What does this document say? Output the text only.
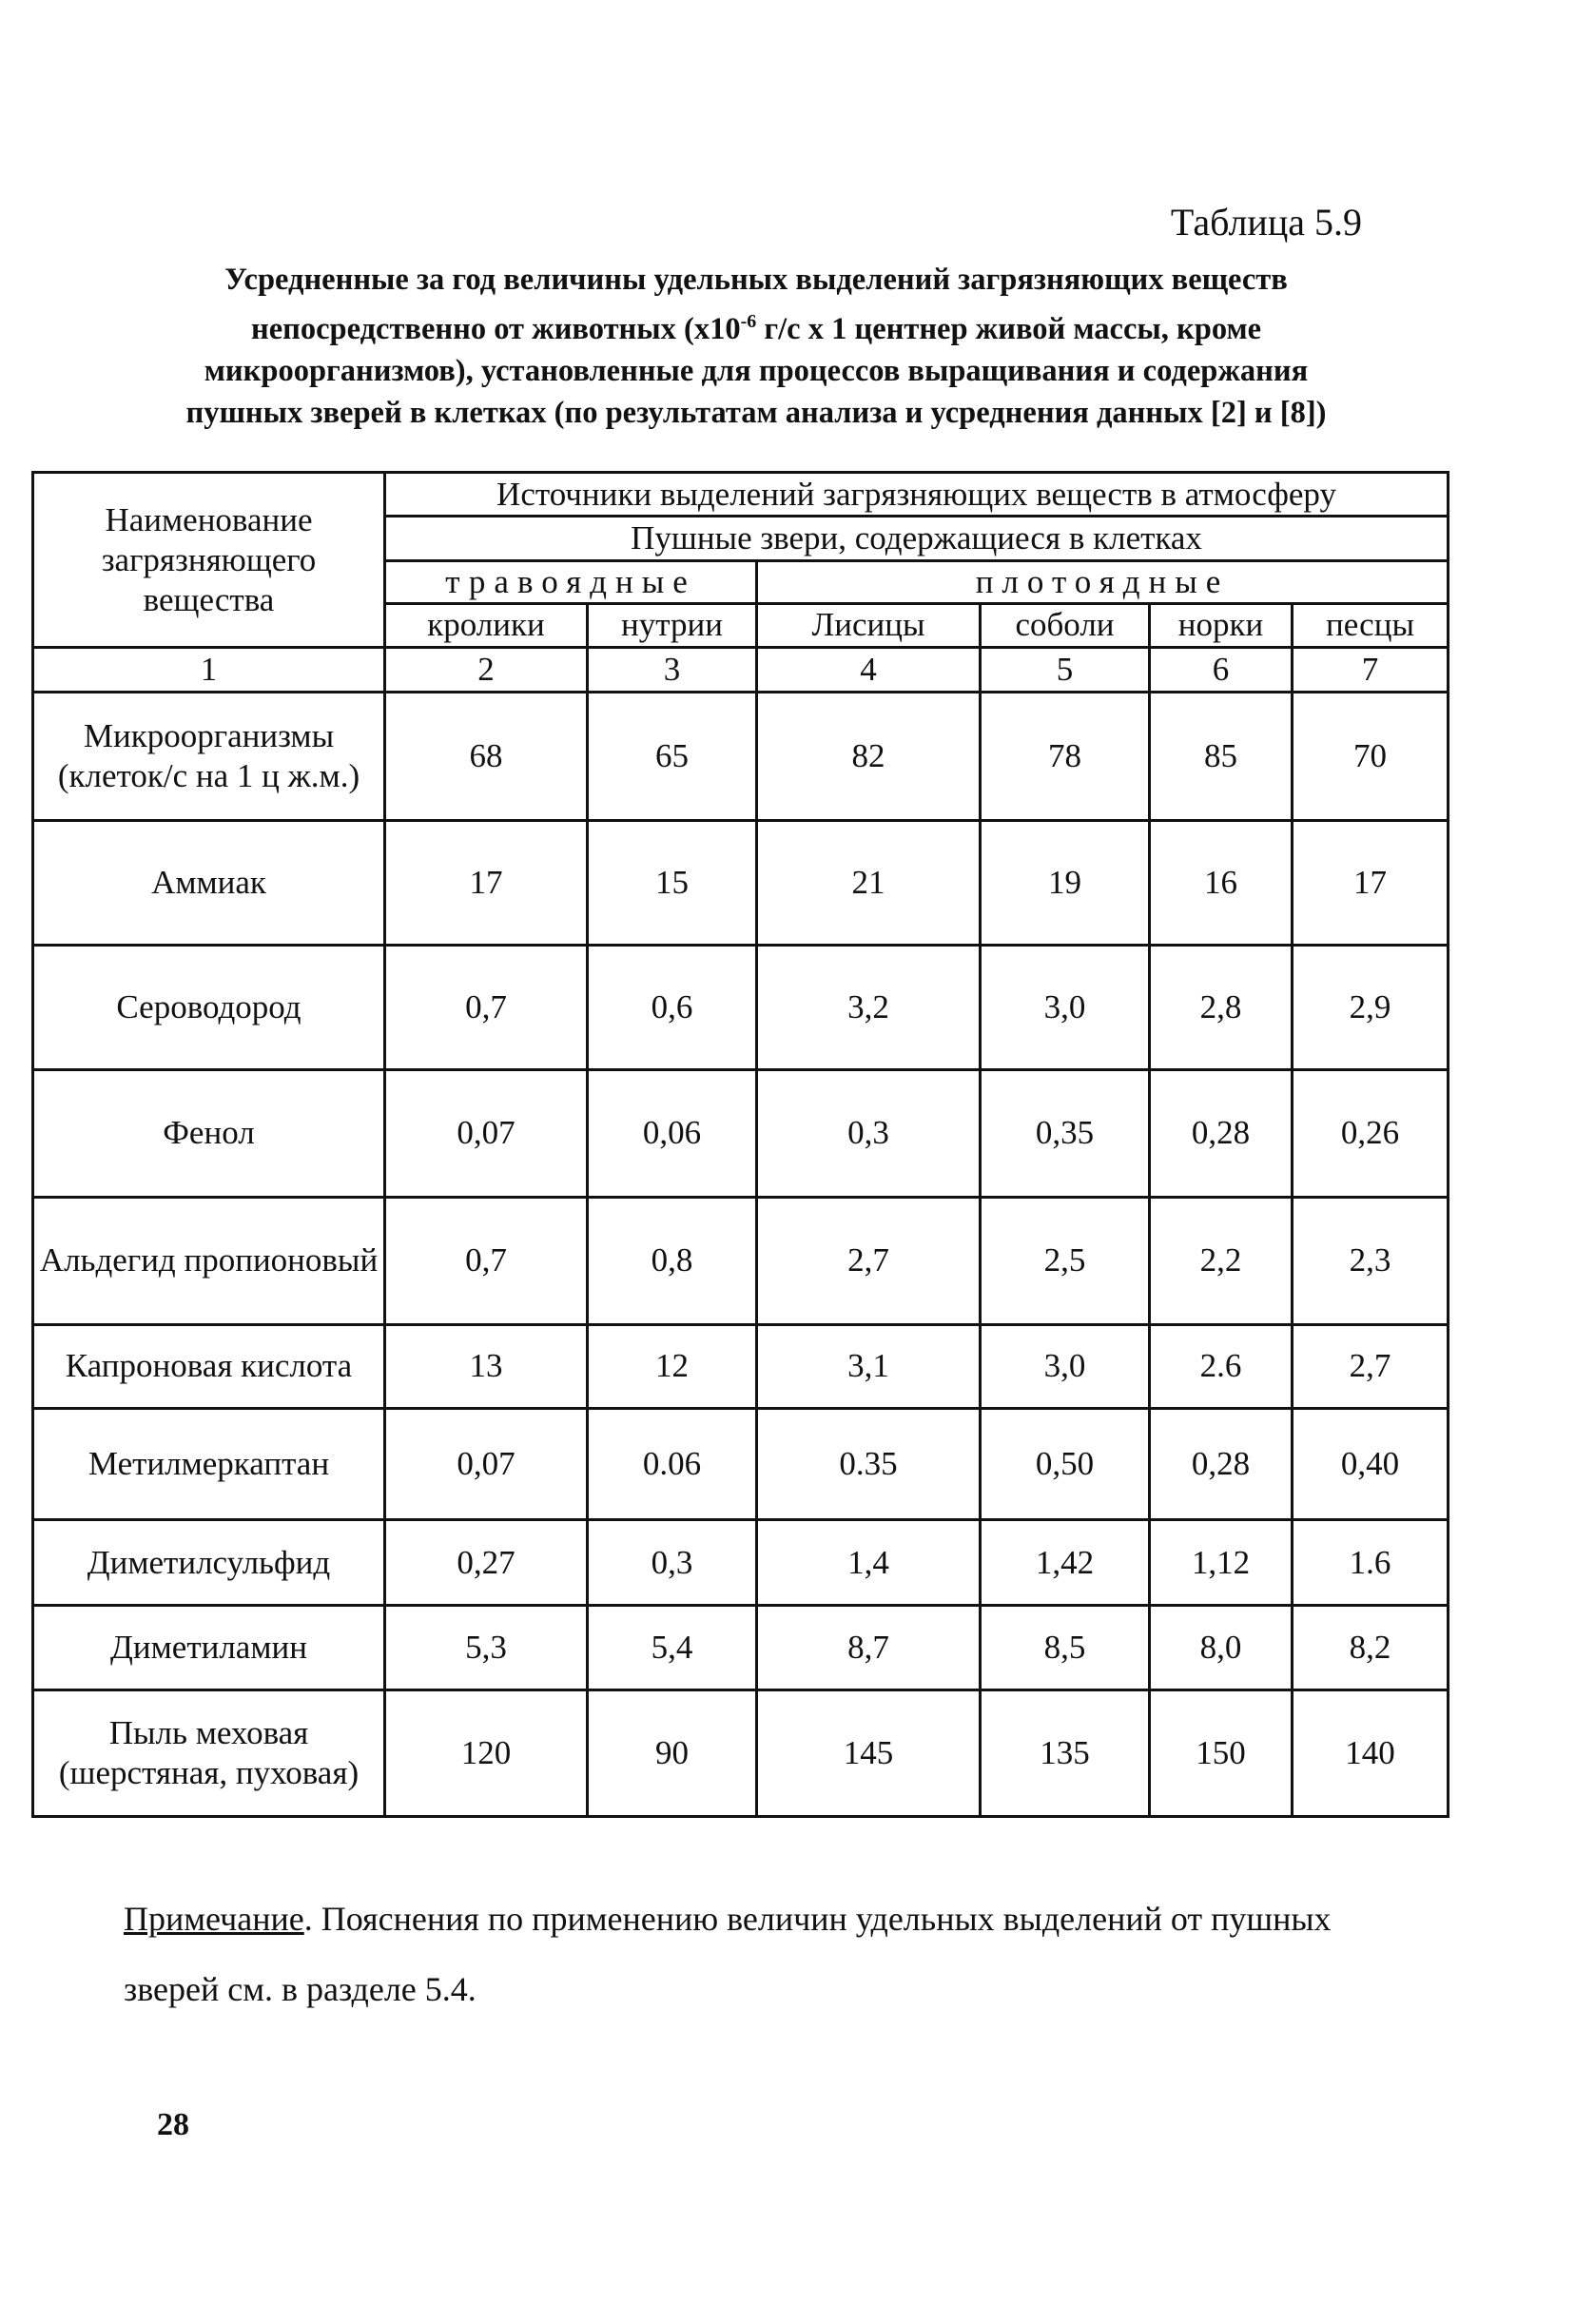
Таблица 5.9
Усредненные за год величины удельных выделений загрязняющих веществ непосредственно от животных ($х10^{-6}$ г/с х 1 центнер живой массы, кроме микроорганизмов), установленные для процессов выращивания и содержания пушных зверей в клетках (по результатам анализа и усреднения данных [2] и [8])
Наименование загрязняющего вещества	Источники выделений загрязняющих веществ в атмосферу					
	Пушные звери, содержащиеся в клетках					
	травоядные		плотоядные			
	кролики	нутрии	Лисицы	соболи	норки	песцы
1	2	3	4	5	6	7
Микроорганизмы (клеток/с на 1 ц ж.м.)	68	65	82	78	85	70
Аммиак	17	15	21	19	16	17
Сероводород	0,7	0,6	3,2	3,0	2,8	2,9
Фенол	0,07	0,06	0,3	0,35	0,28	0,26
Альдегид пропионовый	0,7	0,8	2,7	2,5	2,2	2,3
Капроновая кислота	13	12	3,1	3,0	2.6	2,7
Метилмеркаптан	0,07	0.06	0.35	0,50	0,28	0,40
Диметилсульфид	0,27	0,3	1,4	1,42	1,12	1.6
Диметиламин	5,3	5,4	8,7	8,5	8,0	8,2
Пыль меховая (шерстяная, пуховая)	120	90	145	135	150	140
Примечание. Пояснения по применению величин удельных выделений от пушных зверей см. в разделе 5.4.
28
